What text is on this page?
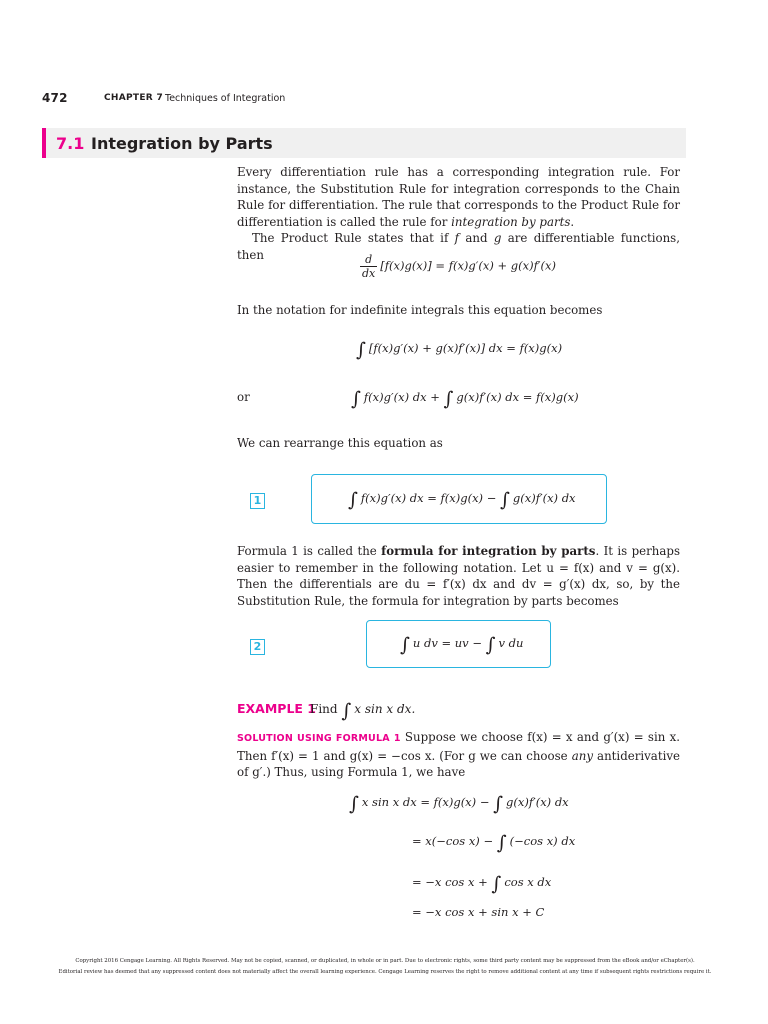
472	CHAPTER 7 Techniques of Integration
7.1 Integration by Parts

Every differentiation rule has a corresponding integration rule. For instance, the Substitution Rule for integration corresponds to the Chain Rule for differentiation. The rule that corresponds to the Product Rule for differentiation is called the rule for integration by parts.

The Product Rule states that if f and g are differentiable functions, then	$\frac{d}{dx} [f(x)g(x)] = f(x)g'(x) + g(x)f'(x)$
In the notation for indefinite integrals this equation becomes
∫ [f(x)g′(x) + g(x)f′(x)] dx = f(x)g(x)
or	∫ f(x)g′(x) dx + ∫ g(x)f′(x) dx = f(x)g(x)
We can rearrange this equation as
1	∫ f(x)g′(x) dx = f(x)g(x) − ∫ g(x)f′(x) dx

Formula 1 is called the formula for integration by parts. It is perhaps easier to remember in the following notation. Let u = f(x) and v = g(x). Then the differentials are du = f′(x) dx and dv = g′(x) dx, so, by the Substitution Rule, the formula for integration by parts becomes

2	∫ u dv = uv − ∫ v du
EXAMPLE 1
Find ∫ x sin x dx.

SOLUTION USING FORMULA 1 Suppose we choose f(x) = x and g′(x) = sin x. Then f′(x) = 1 and g(x) = −cos x. (For g we can choose any antiderivative of g′.) Thus, using Formula 1, we have

∫ x sin x dx = f(x)g(x) − ∫ g(x)f′(x) dx
= x(−cos x) − ∫ (−cos x) dx
= −x cos x + ∫ cos x dx
= −x cos x + sin x + C
Copyright 2016 Cengage Learning. All Rights Reserved. May not be copied, scanned, or duplicated, in whole or in part. Due to electronic rights, some third party content may be suppressed from the eBook and/or eChapter(s).
Editorial review has deemed that any suppressed content does not materially affect the overall learning experience. Cengage Learning reserves the right to remove additional content at any time if subsequent rights restrictions require it.
